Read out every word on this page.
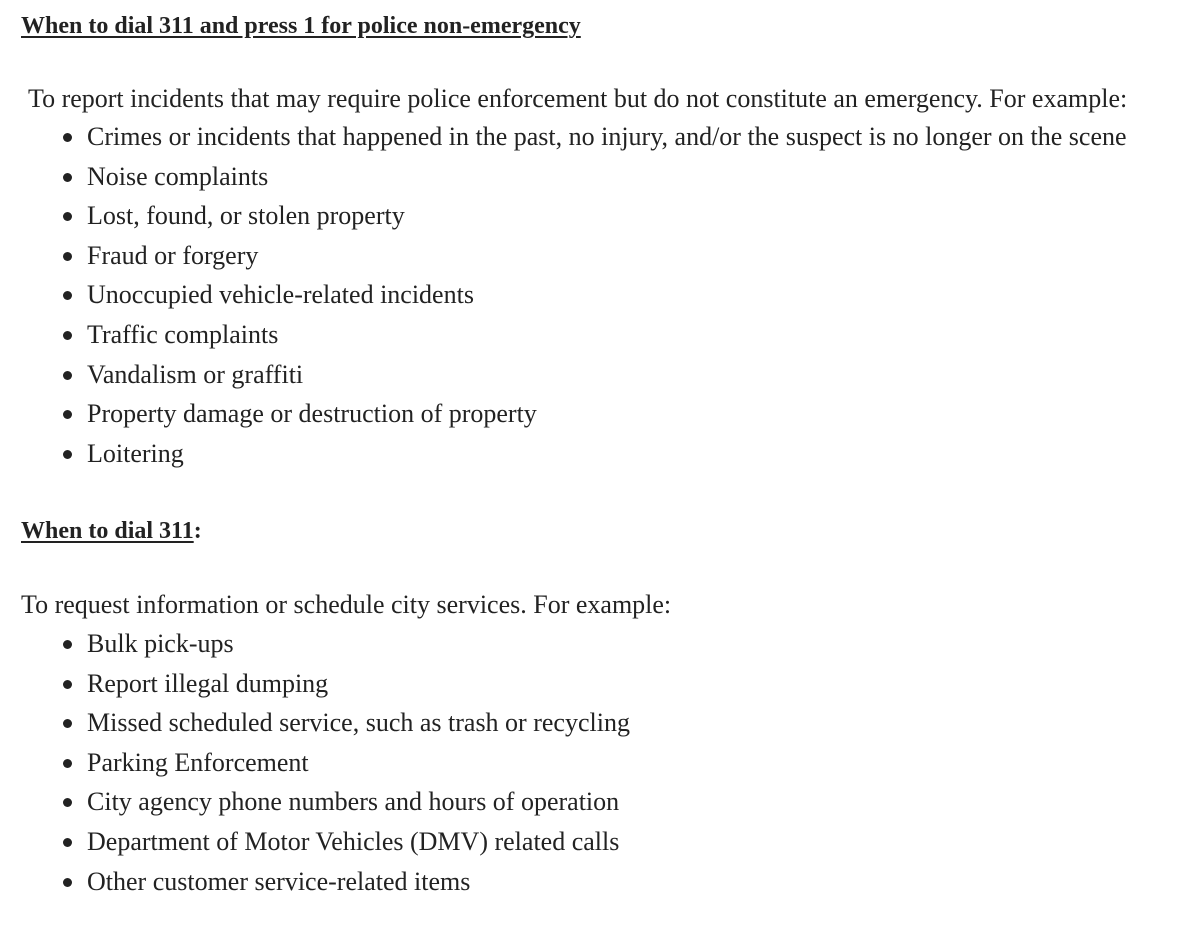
When to dial 311 and press 1 for police non-emergency

To report incidents that may require police enforcement but do not constitute an emergency. For example:

Crimes or incidents that happened in the past, no injury, and/or the suspect is no longer on the scene
Noise complaints
Lost, found, or stolen property
Fraud or forgery
Unoccupied vehicle-related incidents
Traffic complaints
Vandalism or graffiti
Property damage or destruction of property
Loitering
When to dial 311:

To request information or schedule city services. For example:

Bulk pick-ups
Report illegal dumping
Missed scheduled service, such as trash or recycling
Parking Enforcement
City agency phone numbers and hours of operation
Department of Motor Vehicles (DMV) related calls
Other customer service-related items
